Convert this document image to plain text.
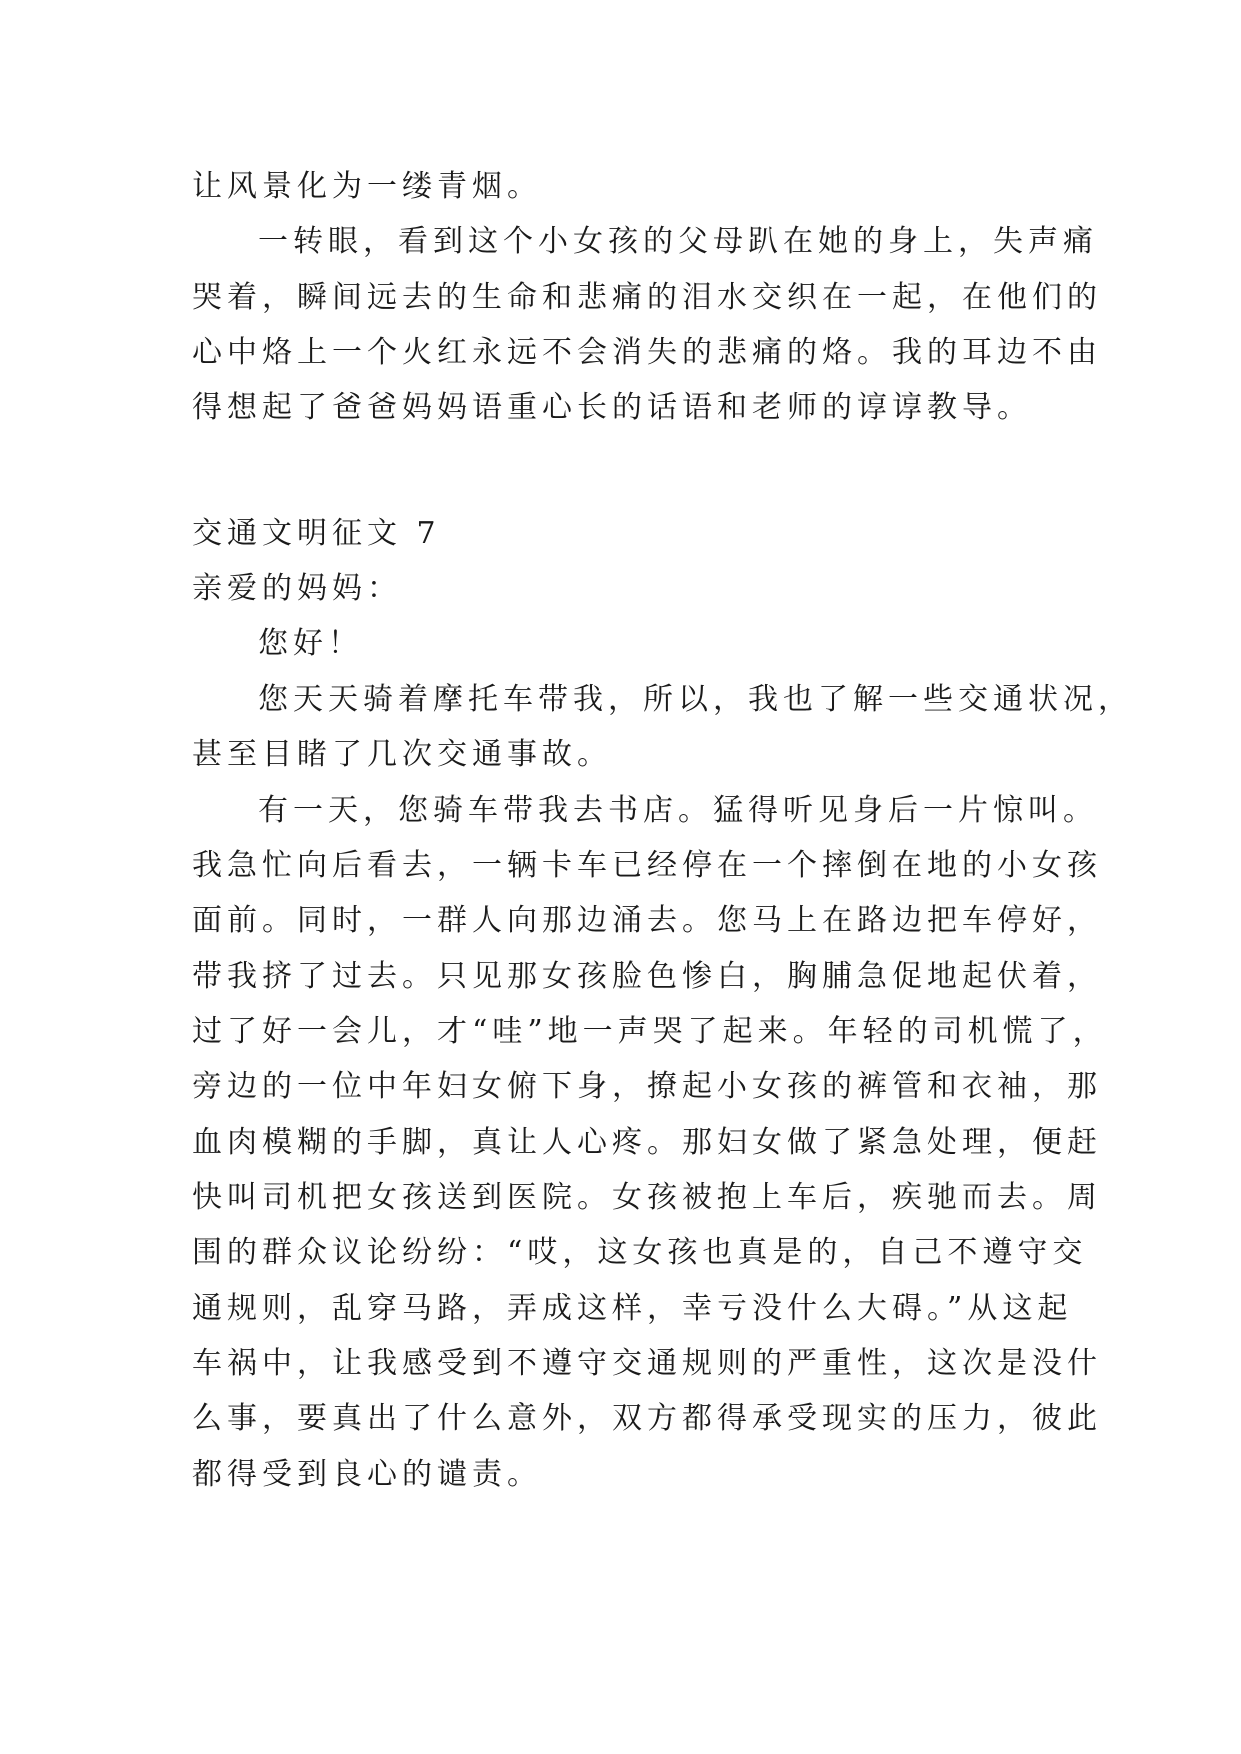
让风景化为一缕青烟。
一转眼，看到这个小女孩的父母趴在她的身上，失声痛
哭着，瞬间远去的生命和悲痛的泪水交织在一起，在他们的
心中烙上一个火红永远不会消失的悲痛的烙。我的耳边不由
得想起了爸爸妈妈语重心长的话语和老师的谆谆教导。
交通文明征文 7
亲爱的妈妈：
您好！
您天天骑着摩托车带我，所以，我也了解一些交通状况，
甚至目睹了几次交通事故。
有一天，您骑车带我去书店。猛得听见身后一片惊叫。
我急忙向后看去，一辆卡车已经停在一个摔倒在地的小女孩
面前。同时，一群人向那边涌去。您马上在路边把车停好，
带我挤了过去。只见那女孩脸色惨白，胸脯急促地起伏着，
过了好一会儿，才“哇”地一声哭了起来。年轻的司机慌了，
旁边的一位中年妇女俯下身，撩起小女孩的裤管和衣袖，那
血肉模糊的手脚，真让人心疼。那妇女做了紧急处理，便赶
快叫司机把女孩送到医院。女孩被抱上车后，疾驰而去。周
围的群众议论纷纷：“哎，这女孩也真是的，自己不遵守交
通规则，乱穿马路，弄成这样，幸亏没什么大碍。”从这起
车祸中，让我感受到不遵守交通规则的严重性，这次是没什
么事，要真出了什么意外，双方都得承受现实的压力，彼此
都得受到良心的谴责。
